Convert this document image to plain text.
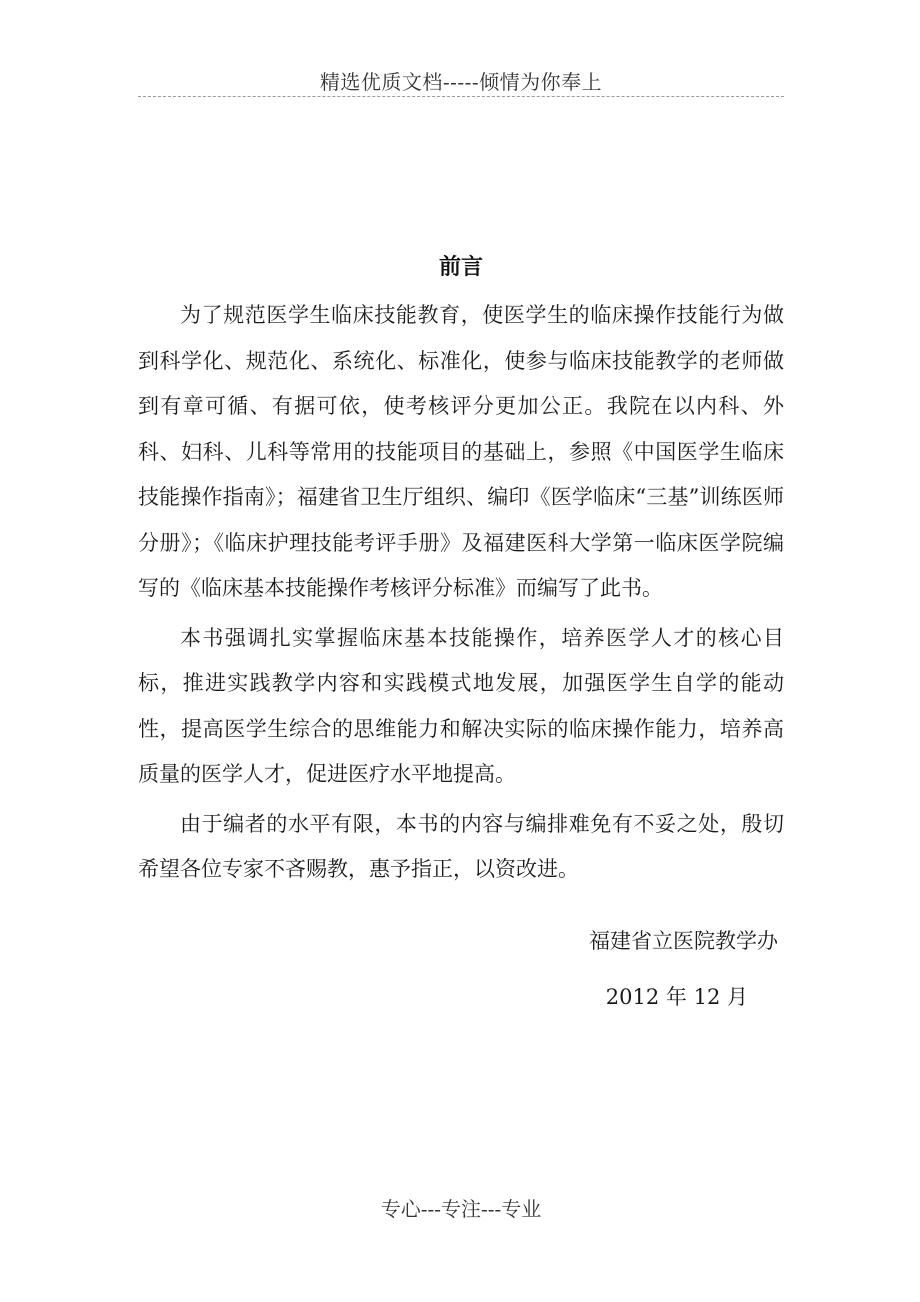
精选优质文档-----倾情为你奉上
前言

为了规范医学生临床技能教育，使医学生的临床操作技能行为做到科学化、规范化、系统化、标准化，使参与临床技能教学的老师做到有章可循、有据可依，使考核评分更加公正。我院在以内科、外科、妇科、儿科等常用的技能项目的基础上，参照《中国医学生临床技能操作指南》；福建省卫生厅组织、编印《医学临床“三基”训练医师分册》；《临床护理技能考评手册》及福建医科大学第一临床医学院编写的《临床基本技能操作考核评分标准》而编写了此书。

本书强调扎实掌握临床基本技能操作，培养医学人才的核心目标，推进实践教学内容和实践模式地发展，加强医学生自学的能动性，提高医学生综合的思维能力和解决实际的临床操作能力，培养高质量的医学人才，促进医疗水平地提高。

由于编者的水平有限，本书的内容与编排难免有不妥之处，殷切希望各位专家不吝赐教，惠予指正，以资改进。

福建省立医院教学办
2012 年 12 月
专心---专注---专业
